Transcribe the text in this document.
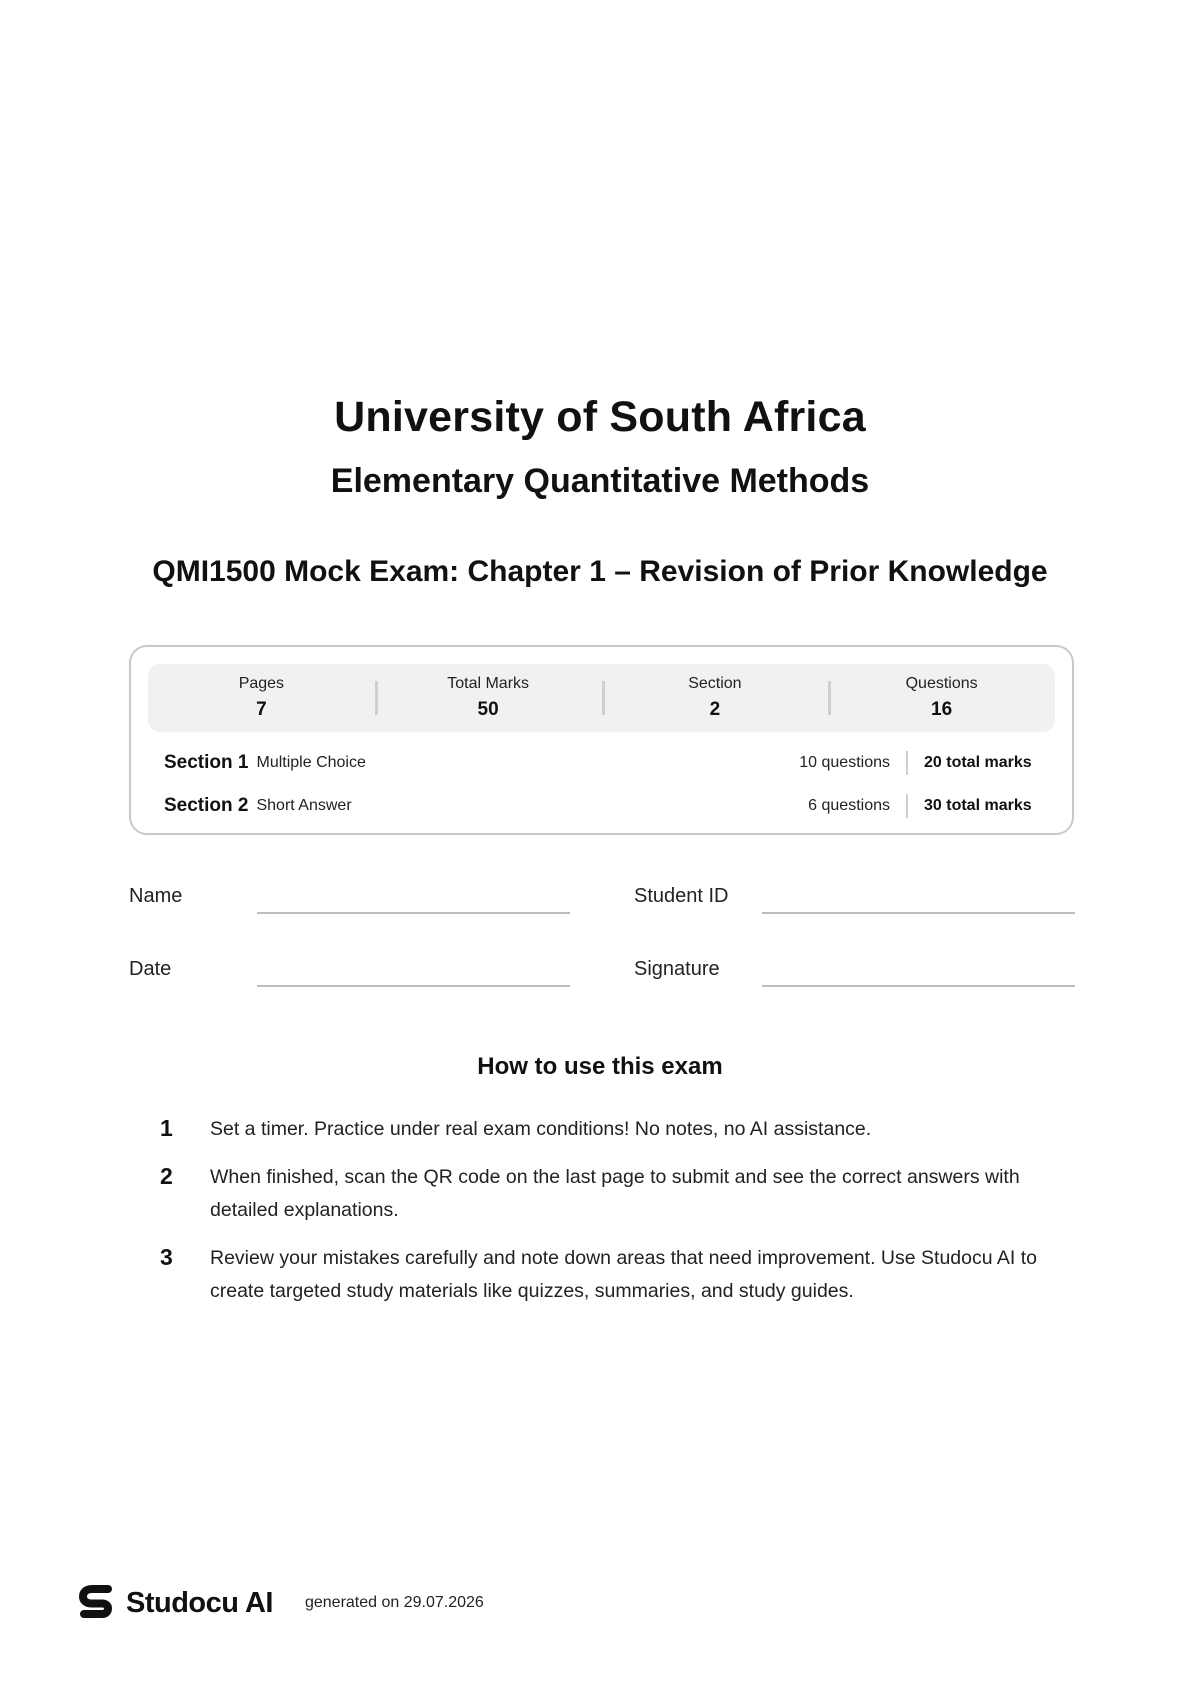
University of South Africa
Elementary Quantitative Methods
QMI1500 Mock Exam: Chapter 1 – Revision of Prior Knowledge
Pages
7
Total Marks
50
Section
2
Questions
16
Section 1 Multiple Choice	10 questions	20 total marks
Section 2 Short Answer	6 questions	30 total marks
Name	Student ID
Date	Signature
How to use this exam
1	Set a timer. Practice under real exam conditions! No notes, no AI assistance.
2	When finished, scan the QR code on the last page to submit and see the correct answers with detailed explanations.
3	Review your mistakes carefully and note down areas that need improvement. Use Studocu AI to create targeted study materials like quizzes, summaries, and study guides.
Studocu AI generated on 29.07.2026
